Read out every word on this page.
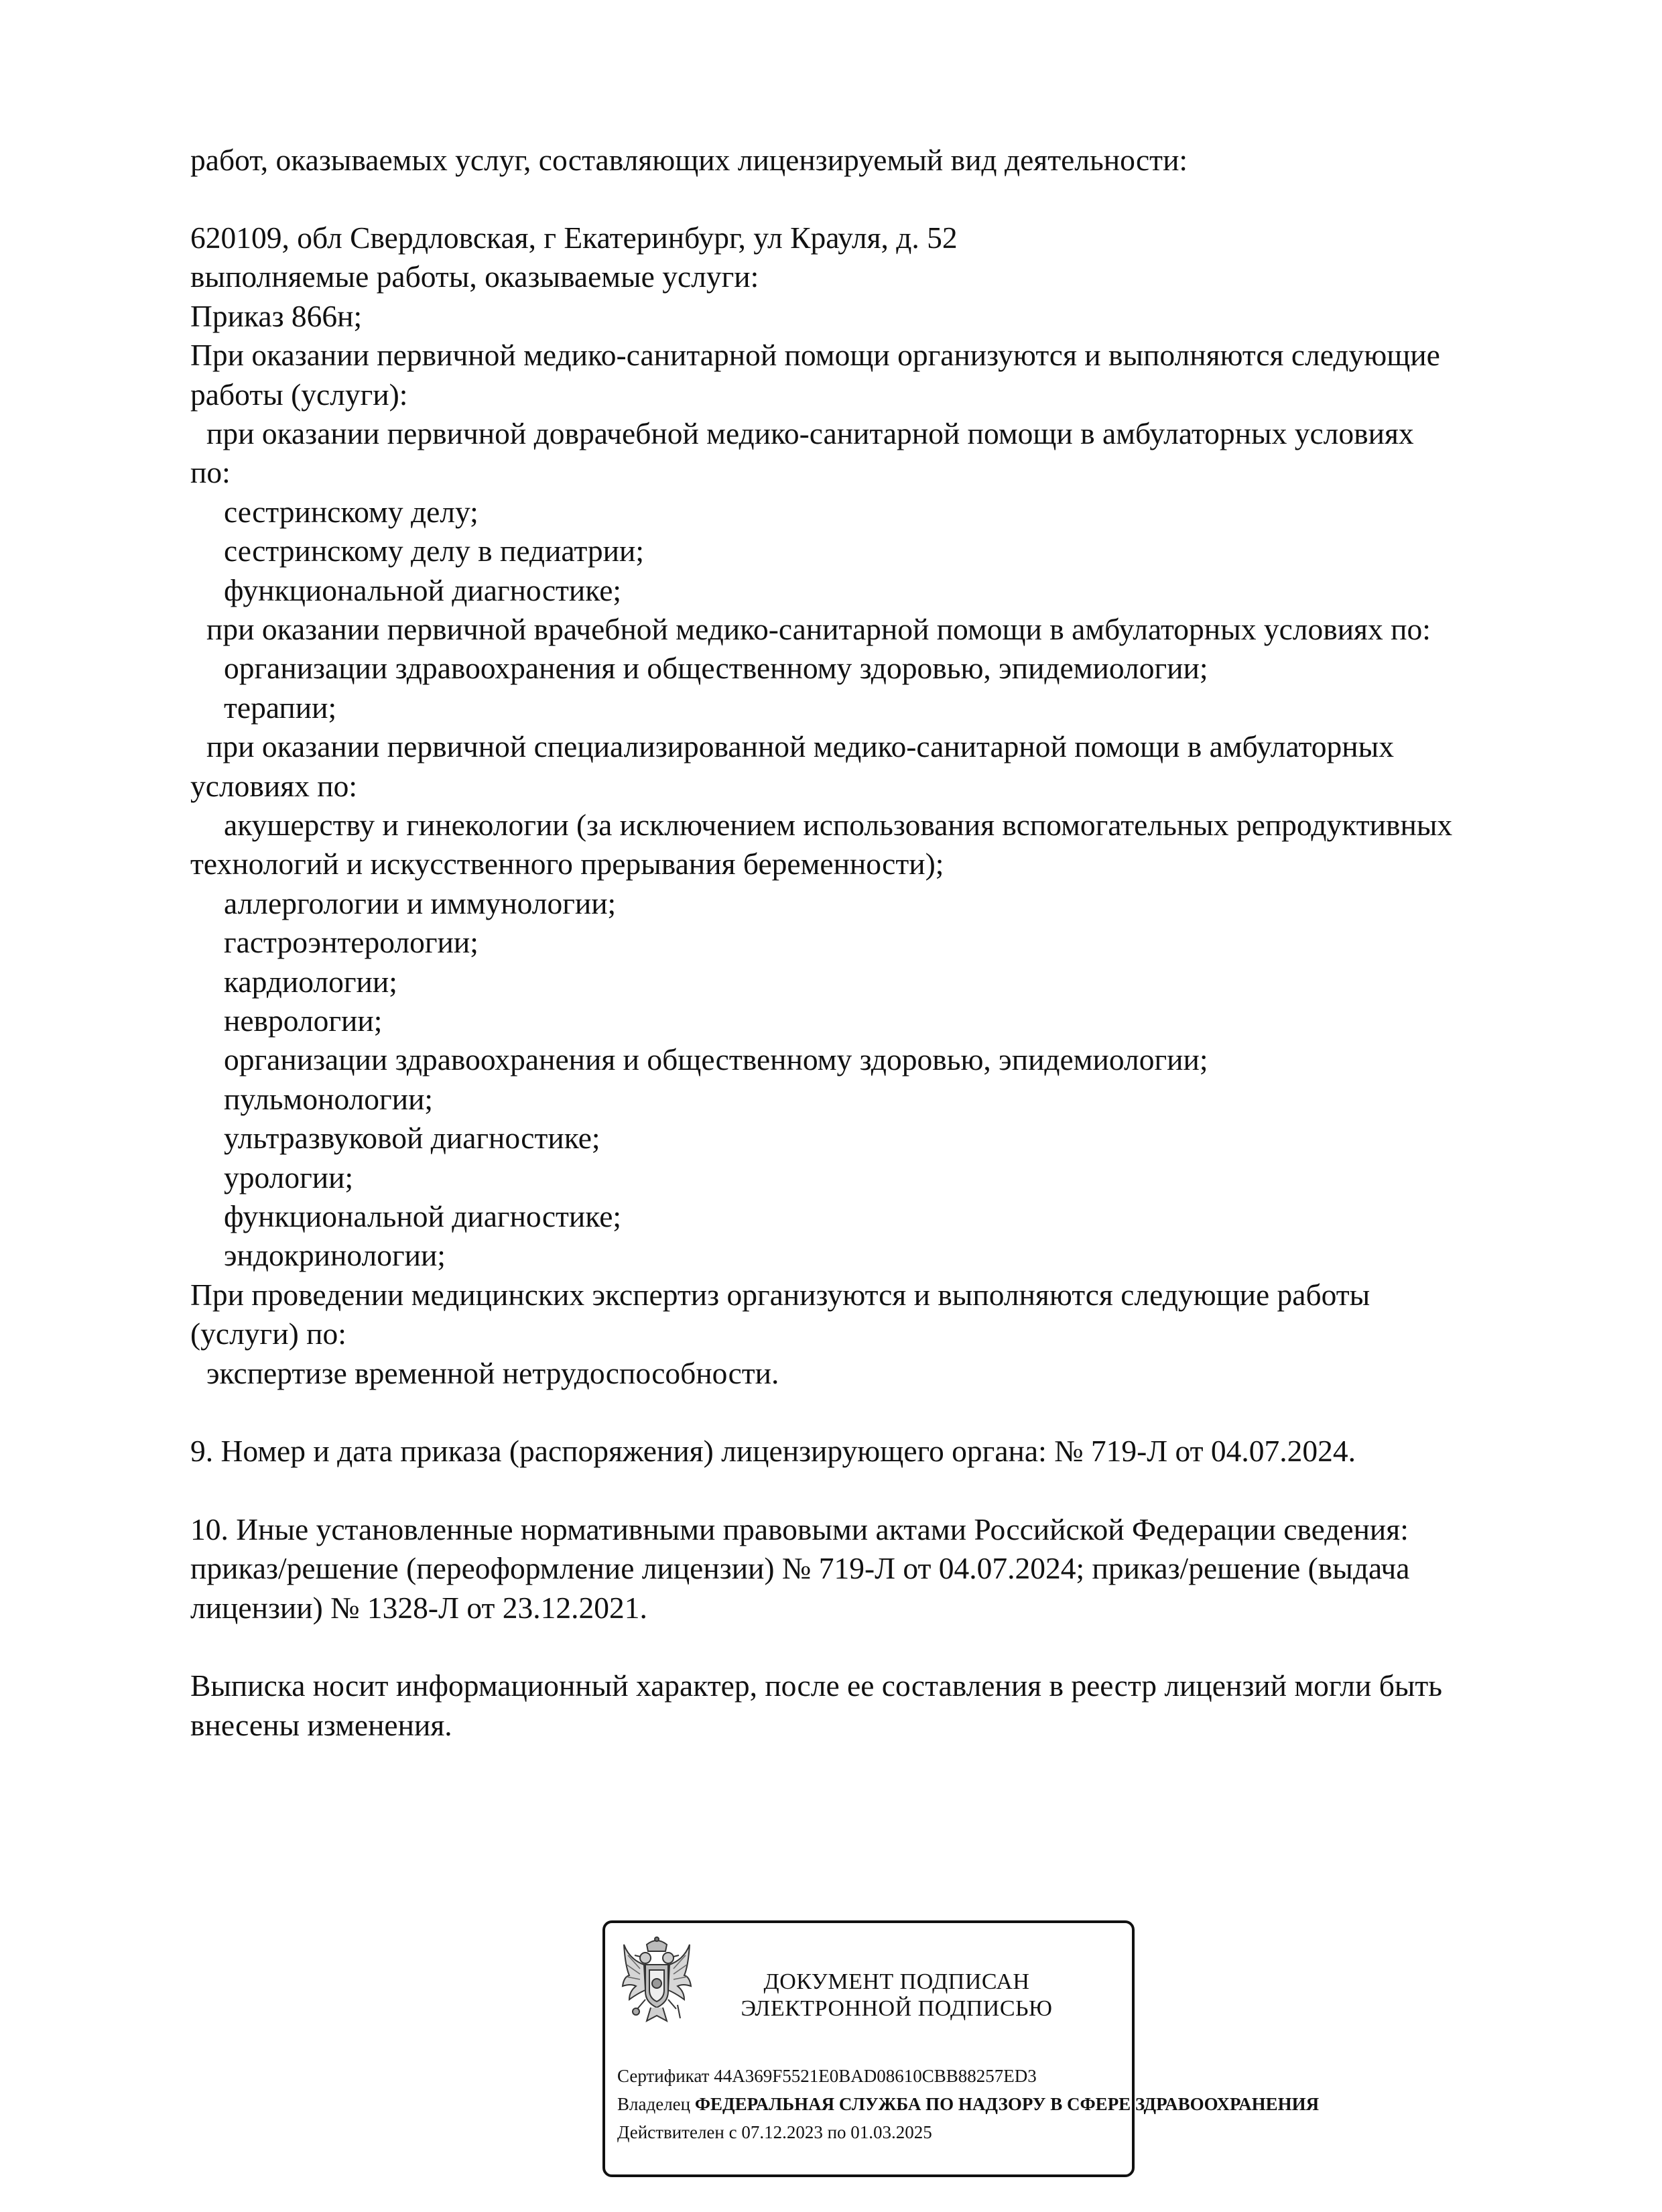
работ, оказываемых услуг, составляющих лицензируемый вид деятельности:
620109, обл Свердловская, г Екатеринбург, ул Крауля, д. 52
выполняемые работы, оказываемые услуги:
Приказ 866н;
При оказании первичной медико-санитарной помощи организуются и выполняются следующие
работы (услуги):
при оказании первичной доврачебной медико-санитарной помощи в амбулаторных условиях
по:
сестринскому делу;
сестринскому делу в педиатрии;
функциональной диагностике;
при оказании первичной врачебной медико-санитарной помощи в амбулаторных условиях по:
организации здравоохранения и общественному здоровью, эпидемиологии;
терапии;
при оказании первичной специализированной медико-санитарной помощи в амбулаторных
условиях по:
акушерству и гинекологии (за исключением использования вспомогательных репродуктивных
технологий и искусственного прерывания беременности);
аллергологии и иммунологии;
гастроэнтерологии;
кардиологии;
неврологии;
организации здравоохранения и общественному здоровью, эпидемиологии;
пульмонологии;
ультразвуковой диагностике;
урологии;
функциональной диагностике;
эндокринологии;
При проведении медицинских экспертиз организуются и выполняются следующие работы
(услуги) по:
экспертизе временной нетрудоспособности.
9. Номер и дата приказа (распоряжения) лицензирующего органа: № 719-Л от 04.07.2024.
10. Иные установленные нормативными правовыми актами Российской Федерации сведения:
приказ/решение (переоформление лицензии) № 719-Л от 04.07.2024; приказ/решение (выдача
лицензии) № 1328-Л от 23.12.2021.
Выписка носит информационный характер, после ее составления в реестр лицензий могли быть
внесены изменения.
ДОКУМЕНТ ПОДПИСАН
ЭЛЕКТРОННОЙ ПОДПИСЬЮ
Сертификат 44A369F5521E0BAD08610CBB88257ED3
Владелец ФЕДЕРАЛЬНАЯ СЛУЖБА ПО НАДЗОРУ В СФЕРЕ ЗДРАВООХРАНЕНИЯ
Действителен с 07.12.2023 по 01.03.2025
